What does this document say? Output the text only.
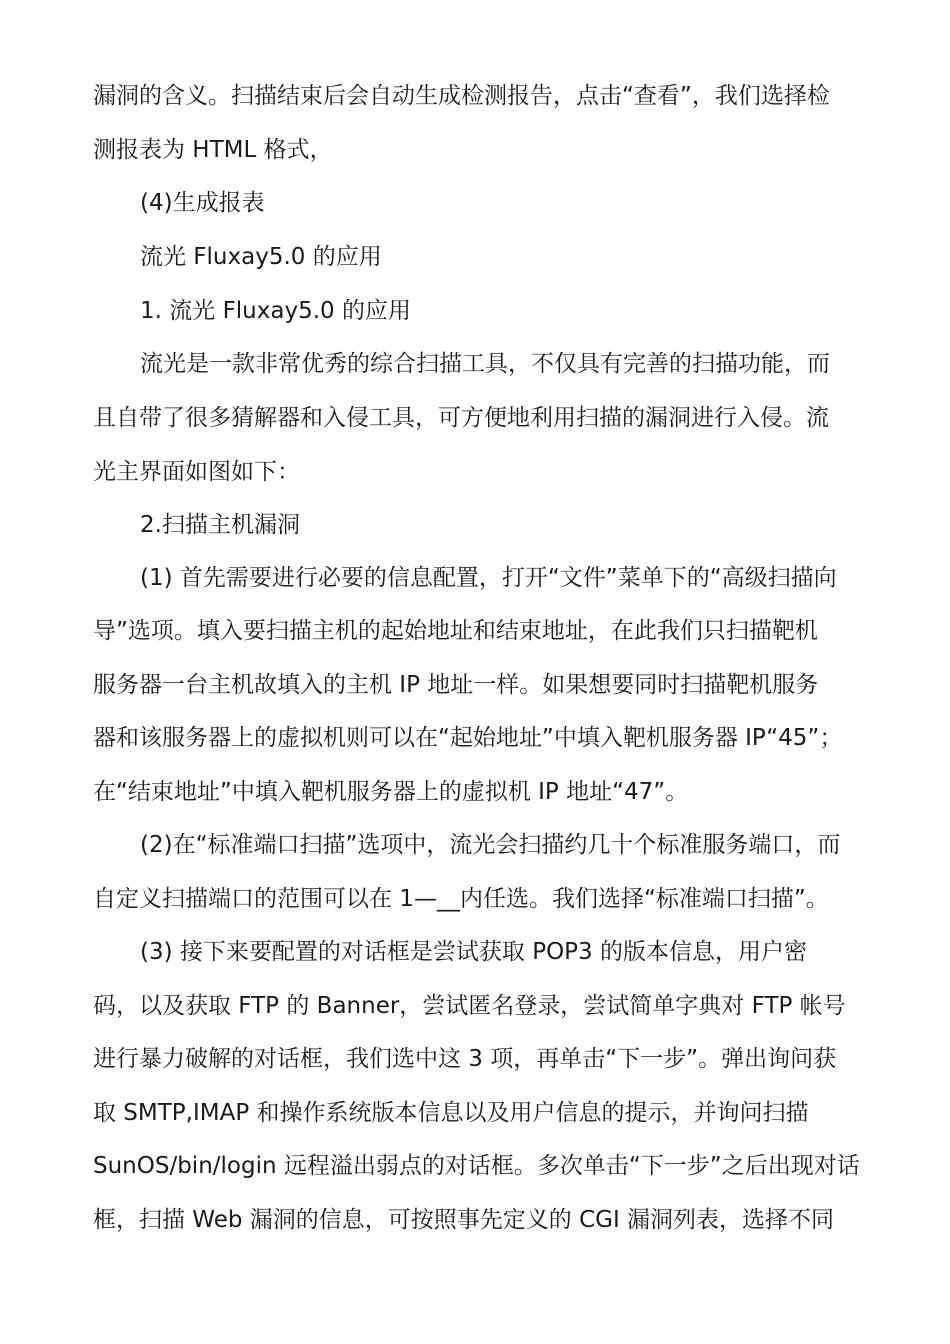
漏洞的含义。扫描结束后会自动生成检测报告，点击“查看”，我们选择检

测报表为 HTML 格式，

(4)生成报表

流光 Fluxay5.0 的应用

1. 流光 Fluxay5.0 的应用

流光是一款非常优秀的综合扫描工具，不仅具有完善的扫描功能，而

且自带了很多猜解器和入侵工具，可方便地利用扫描的漏洞进行入侵。流

光主界面如图如下：

2.扫描主机漏洞

(1) 首先需要进行必要的信息配置，打开“文件”菜单下的“高级扫描向

导”选项。填入要扫描主机的起始地址和结束地址，在此我们只扫描靶机

服务器一台主机故填入的主机 IP 地址一样。如果想要同时扫描靶机服务

器和该服务器上的虚拟机则可以在“起始地址”中填入靶机服务器 IP“45”；

在“结束地址”中填入靶机服务器上的虚拟机 IP 地址“47”。

(2)在“标准端口扫描”选项中，流光会扫描约几十个标准服务端口，而

自定义扫描端口的范围可以在 1—__内任选。我们选择“标准端口扫描”。

(3) 接下来要配置的对话框是尝试获取 POP3 的版本信息，用户密

码，以及获取 FTP 的 Banner，尝试匿名登录，尝试简单字典对 FTP 帐号

进行暴力破解的对话框，我们选中这 3 项，再单击“下一步”。弹出询问获

取 SMTP,IMAP 和操作系统版本信息以及用户信息的提示，并询问扫描

SunOS/bin/login 远程溢出弱点的对话框。多次单击“下一步”之后出现对话

框，扫描 Web 漏洞的信息，可按照事先定义的 CGI 漏洞列表，选择不同
